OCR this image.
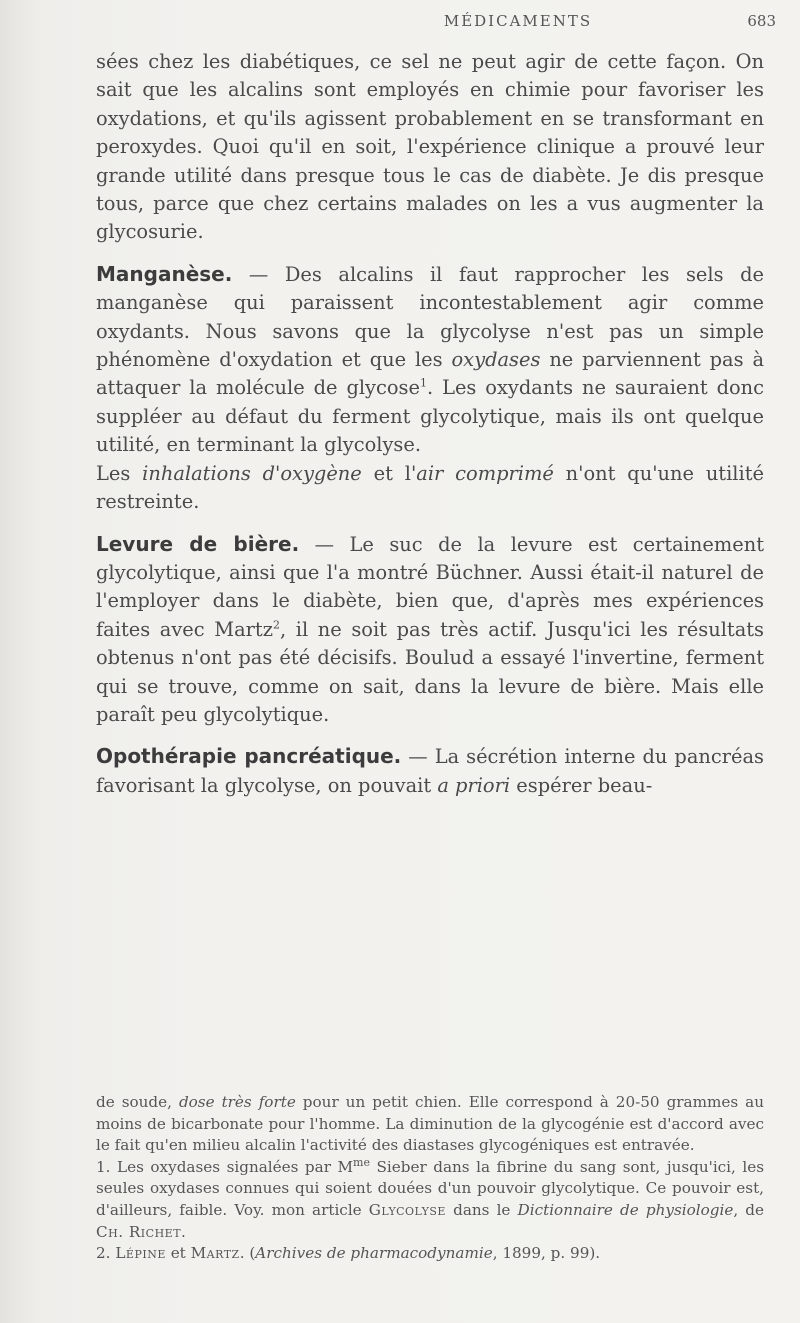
MÉDICAMENTS	683

sées chez les diabétiques, ce sel ne peut agir de cette façon. On sait que les alcalins sont employés en chimie pour favoriser les oxydations, et qu'ils agissent probablement en se transformant en peroxydes. Quoi qu'il en soit, l'expérience clinique a prouvé leur grande utilité dans presque tous le cas de diabète. Je dis presque tous, parce que chez certains malades on les a vus augmenter la glycosurie.

Manganèse. — Des alcalins il faut rapprocher les sels de manganèse qui paraissent incontestablement agir comme oxydants. Nous savons que la glycolyse n'est pas un simple phénomène d'oxydation et que les oxydases ne parviennent pas à attaquer la molécule de glycose$^1$. Les oxydants ne sauraient donc suppléer au défaut du ferment glycolytique, mais ils ont quelque utilité, en terminant la glycolyse.

Les inhalations d'oxygène et l'air comprimé n'ont qu'une utilité restreinte.

Levure de bière. — Le suc de la levure est certainement glycolytique, ainsi que l'a montré Büchner. Aussi était-il naturel de l'employer dans le diabète, bien que, d'après mes expériences faites avec Martz$^2$, il ne soit pas très actif. Jusqu'ici les résultats obtenus n'ont pas été décisifs. Boulud a essayé l'invertine, ferment qui se trouve, comme on sait, dans la levure de bière. Mais elle paraît peu glycolytique.

Opothérapie pancréatique. — La sécrétion interne du pancréas favorisant la glycolyse, on pouvait a priori espérer beau-

de soude, dose très forte pour un petit chien. Elle correspond à 20-50 grammes au moins de bicarbonate pour l'homme. La diminution de la glycogénie est d'accord avec le fait qu'en milieu alcalin l'activité des diastases glycogéniques est entravée.

1. Les oxydases signalées par $M^{me}$ Sieber dans la fibrine du sang sont, jusqu'ici, les seules oxydases connues qui soient douées d'un pouvoir glycolytique. Ce pouvoir est, d'ailleurs, faible. Voy. mon article Glycolyse dans le Dictionnaire de physiologie, de Ch. Richet.

2. Lépine et Martz. (Archives de pharmacodynamie, 1899, p. 99).
